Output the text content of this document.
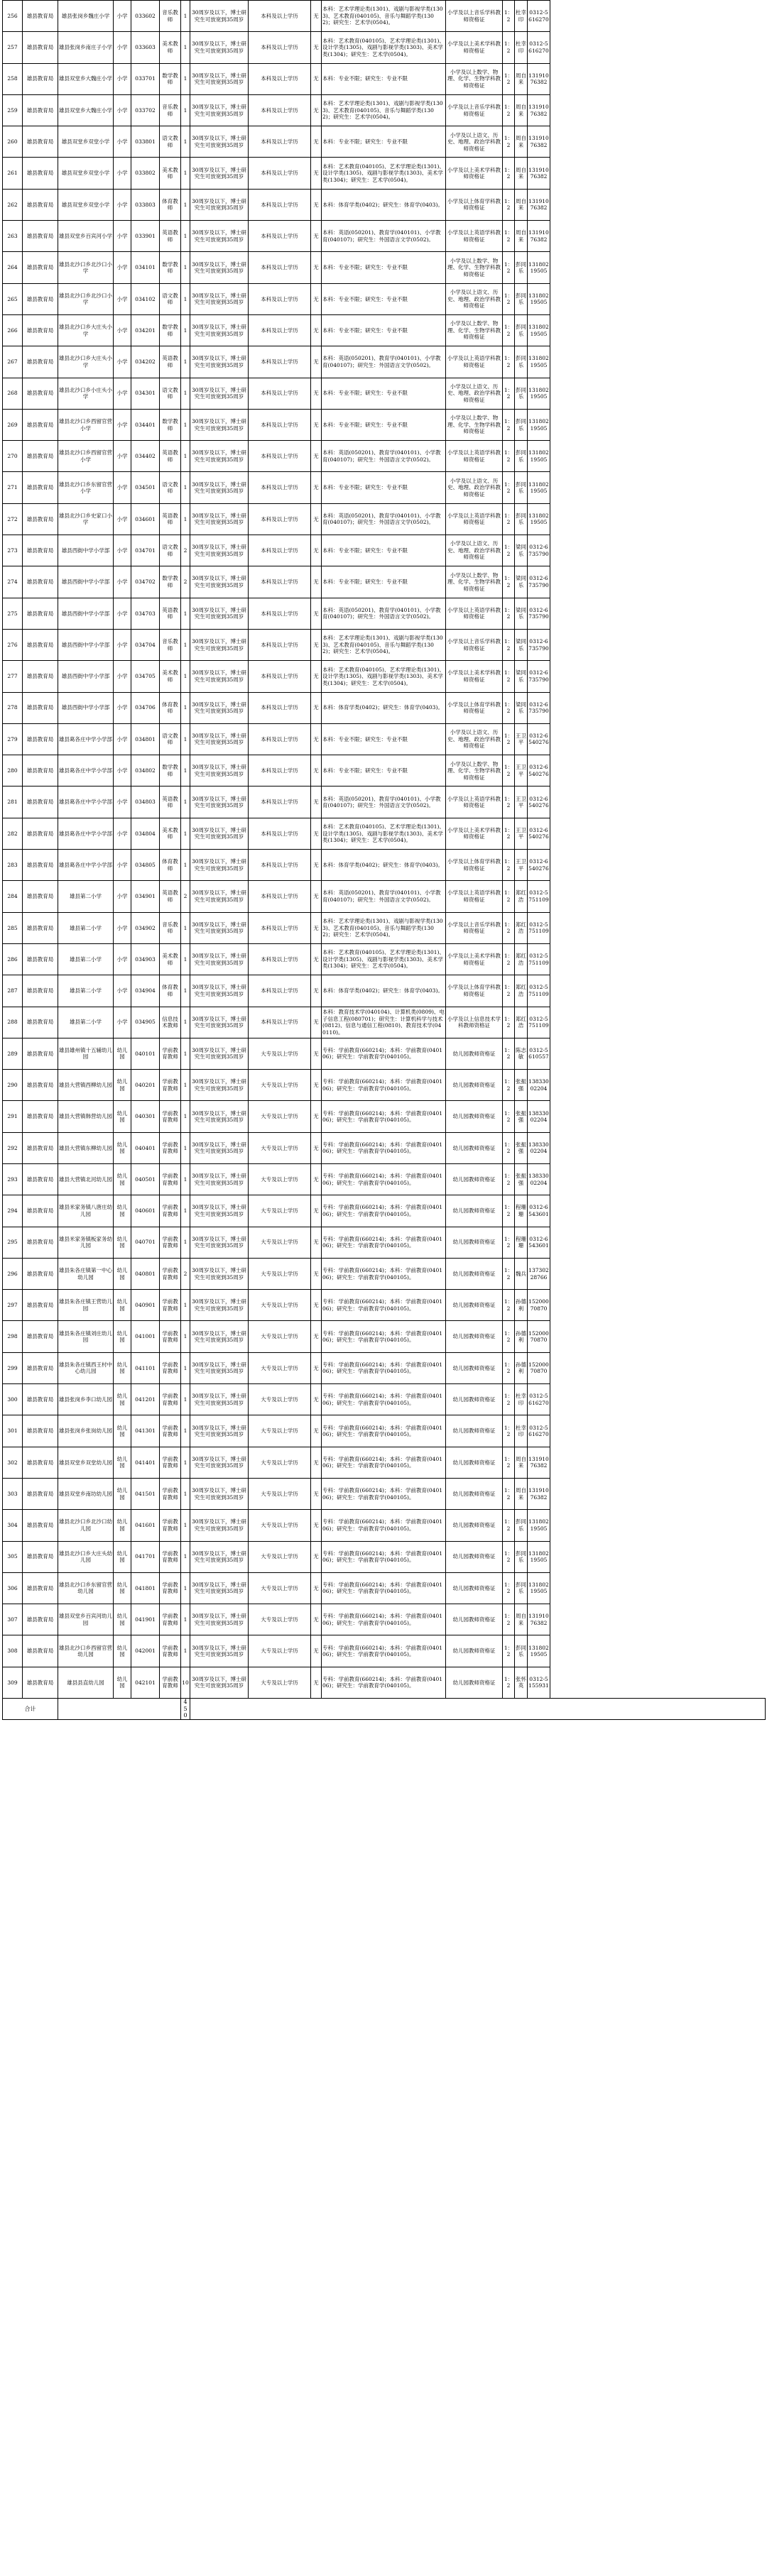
256	雄县教育局	雄县张岗乡魏庄小学	小学	033602	音乐教师	1	30周岁及以下，博士研究生可放宽到35周岁	本科及以上学历	无	本科：艺术学理论类(1301)、戏剧与影视学类(1303)、艺术教育(040105)、音乐与舞蹈学类(1302)；研究生：艺术学(0504)。	小学及以上音乐学科教师资格证	1：2	杜幸印	0312-5616270	
257	雄县教育局	雄县张岗乡南庄子小学	小学	033603	美术教师	1	30周岁及以下，博士研究生可放宽到35周岁	本科及以上学历	无	本科：艺术教育(040105)、艺术学理论类(1301)、设计学类(1305)、戏剧与影视学类(1303)、美术学类(1304)；研究生：艺术学(0504)。	小学及以上美术学科教师资格证	1：2	杜幸印	0312-5616270	
258	雄县教育局	雄县双堂乡大魏庄小学	小学	033701	数学教师	1	30周岁及以下，博士研究生可放宽到35周岁	本科及以上学历	无	本科：专业不限；研究生：专业不限	小学及以上数学、物理、化学、生物学科教师资格证	1：2	周自来	13191076382	
259	雄县教育局	雄县双堂乡大魏庄小学	小学	033702	音乐教师	1	30周岁及以下，博士研究生可放宽到35周岁	本科及以上学历	无	本科：艺术学理论类(1301)、戏剧与影视学类(1303)、艺术教育(040105)、音乐与舞蹈学类(1302)；研究生：艺术学(0504)。	小学及以上音乐学科教师资格证	1：2	周自来	13191076382	
260	雄县教育局	雄县双堂乡双堂小学	小学	033801	语文教师	1	30周岁及以下，博士研究生可放宽到35周岁	本科及以上学历	无	本科：专业不限；研究生：专业不限	小学及以上语文、历史、地理、政治学科教师资格证	1：2	周自来	13191076382	
261	雄县教育局	雄县双堂乡双堂小学	小学	033802	美术教师	1	30周岁及以下，博士研究生可放宽到35周岁	本科及以上学历	无	本科：艺术教育(040105)、艺术学理论类(1301)、设计学类(1305)、戏剧与影视学类(1303)、美术学类(1304)；研究生：艺术学(0504)。	小学及以上美术学科教师资格证	1：2	周自来	13191076382	
262	雄县教育局	雄县双堂乡双堂小学	小学	033803	体育教师	1	30周岁及以下，博士研究生可放宽到35周岁	本科及以上学历	无	本科：体育学类(0402)；研究生：体育学(0403)。	小学及以上体育学科教师资格证	1：2	周自来	13191076382	
263	雄县教育局	雄县双堂乡百宾河小学	小学	033901	英语教师	1	30周岁及以下，博士研究生可放宽到35周岁	本科及以上学历	无	本科：英语(050201)、教育学(040101)、小学教育(040107)；研究生：外国语言文学(0502)。	小学及以上英语学科教师资格证	1：2	周自来	13191076382	
264	雄县教育局	雄县北沙口乡北沙口小学	小学	034101	数学教师	1	30周岁及以下，博士研究生可放宽到35周岁	本科及以上学历	无	本科：专业不限；研究生：专业不限	小学及以上数学、物理、化学、生物学科教师资格证	1：2	彭同乐	13180219505	
265	雄县教育局	雄县北沙口乡北沙口小学	小学	034102	语文教师	1	30周岁及以下，博士研究生可放宽到35周岁	本科及以上学历	无	本科：专业不限；研究生：专业不限	小学及以上语文、历史、地理、政治学科教师资格证	1：2	彭同乐	13180219505	
266	雄县教育局	雄县北沙口乡大庄头小学	小学	034201	数学教师	1	30周岁及以下，博士研究生可放宽到35周岁	本科及以上学历	无	本科：专业不限；研究生：专业不限	小学及以上数学、物理、化学、生物学科教师资格证	1：2	彭同乐	13180219505	
267	雄县教育局	雄县北沙口乡大庄头小学	小学	034202	英语教师	1	30周岁及以下，博士研究生可放宽到35周岁	本科及以上学历	无	本科：英语(050201)、教育学(040101)、小学教育(040107)；研究生：外国语言文学(0502)。	小学及以上英语学科教师资格证	1：2	彭同乐	13180219505	
268	雄县教育局	雄县北沙口乡小庄头小学	小学	034301	语文教师	1	30周岁及以下，博士研究生可放宽到35周岁	本科及以上学历	无	本科：专业不限；研究生：专业不限	小学及以上语文、历史、地理、政治学科教师资格证	1：2	彭同乐	13180219505	
269	雄县教育局	雄县北沙口乡西留官营小学	小学	034401	数学教师	1	30周岁及以下，博士研究生可放宽到35周岁	本科及以上学历	无	本科：专业不限；研究生：专业不限	小学及以上数学、物理、化学、生物学科教师资格证	1：2	彭同乐	13180219505	
270	雄县教育局	雄县北沙口乡西留官营小学	小学	034402	英语教师	1	30周岁及以下，博士研究生可放宽到35周岁	本科及以上学历	无	本科：英语(050201)、教育学(040101)、小学教育(040107)；研究生：外国语言文学(0502)。	小学及以上英语学科教师资格证	1：2	彭同乐	13180219505	
271	雄县教育局	雄县北沙口乡东留官营小学	小学	034501	语文教师	1	30周岁及以下，博士研究生可放宽到35周岁	本科及以上学历	无	本科：专业不限；研究生：专业不限	小学及以上语文、历史、地理、政治学科教师资格证	1：2	彭同乐	13180219505	
272	雄县教育局	雄县北沙口乡史家口小学	小学	034601	英语教师	1	30周岁及以下，博士研究生可放宽到35周岁	本科及以上学历	无	本科：英语(050201)、教育学(040101)、小学教育(040107)；研究生：外国语言文学(0502)。	小学及以上英语学科教师资格证	1：2	彭同乐	13180219505	
273	雄县教育局	雄县西街中学小学部	小学	034701	语文教师	2	30周岁及以下，博士研究生可放宽到35周岁	本科及以上学历	无	本科：专业不限；研究生：专业不限	小学及以上语文、历史、地理、政治学科教师资格证	1：2	梁同乐	0312-6735790	
274	雄县教育局	雄县西街中学小学部	小学	034702	数学教师	2	30周岁及以下，博士研究生可放宽到35周岁	本科及以上学历	无	本科：专业不限；研究生：专业不限	小学及以上数学、物理、化学、生物学科教师资格证	1：2	梁同乐	0312-6735790	
275	雄县教育局	雄县西街中学小学部	小学	034703	英语教师	1	30周岁及以下，博士研究生可放宽到35周岁	本科及以上学历	无	本科：英语(050201)、教育学(040101)、小学教育(040107)；研究生：外国语言文学(0502)。	小学及以上英语学科教师资格证	1：2	梁同乐	0312-6735790	
276	雄县教育局	雄县西街中学小学部	小学	034704	音乐教师	1	30周岁及以下，博士研究生可放宽到35周岁	本科及以上学历	无	本科：艺术学理论类(1301)、戏剧与影视学类(1303)、艺术教育(040105)、音乐与舞蹈学类(1302)；研究生：艺术学(0504)。	小学及以上音乐学科教师资格证	1：2	梁同乐	0312-6735790	
277	雄县教育局	雄县西街中学小学部	小学	034705	美术教师	1	30周岁及以下，博士研究生可放宽到35周岁	本科及以上学历	无	本科：艺术教育(040105)、艺术学理论类(1301)、设计学类(1305)、戏剧与影视学类(1303)、美术学类(1304)；研究生：艺术学(0504)。	小学及以上美术学科教师资格证	1：2	梁同乐	0312-6735790	
278	雄县教育局	雄县西街中学小学部	小学	034706	体育教师	1	30周岁及以下，博士研究生可放宽到35周岁	本科及以上学历	无	本科：体育学类(0402)；研究生：体育学(0403)。	小学及以上体育学科教师资格证	1：2	梁同乐	0312-6735790	
279	雄县教育局	雄县葛各庄中学小学部	小学	034801	语文教师	1	30周岁及以下，博士研究生可放宽到35周岁	本科及以上学历	无	本科：专业不限；研究生：专业不限	小学及以上语文、历史、地理、政治学科教师资格证	1：2	王卫平	0312-6540276	
280	雄县教育局	雄县葛各庄中学小学部	小学	034802	数学教师	1	30周岁及以下，博士研究生可放宽到35周岁	本科及以上学历	无	本科：专业不限；研究生：专业不限	小学及以上数学、物理、化学、生物学科教师资格证	1：2	王卫平	0312-6540276	
281	雄县教育局	雄县葛各庄中学小学部	小学	034803	英语教师	1	30周岁及以下，博士研究生可放宽到35周岁	本科及以上学历	无	本科：英语(050201)、教育学(040101)、小学教育(040107)；研究生：外国语言文学(0502)。	小学及以上英语学科教师资格证	1：2	王卫平	0312-6540276	
282	雄县教育局	雄县葛各庄中学小学部	小学	034804	美术教师	1	30周岁及以下，博士研究生可放宽到35周岁	本科及以上学历	无	本科：艺术教育(040105)、艺术学理论类(1301)、设计学类(1305)、戏剧与影视学类(1303)、美术学类(1304)；研究生：艺术学(0504)。	小学及以上美术学科教师资格证	1：2	王卫平	0312-6540276	
283	雄县教育局	雄县葛各庄中学小学部	小学	034805	体育教师	1	30周岁及以下，博士研究生可放宽到35周岁	本科及以上学历	无	本科：体育学类(0402)；研究生：体育学(0403)。	小学及以上体育学科教师资格证	1：2	王卫平	0312-6540276	
284	雄县教育局	雄县第二小学	小学	034901	英语教师	2	30周岁及以下，博士研究生可放宽到35周岁	本科及以上学历	无	本科：英语(050201)、教育学(040101)、小学教育(040107)；研究生：外国语言文学(0502)。	小学及以上英语学科教师资格证	1：2	郑红浩	0312-5751109	
285	雄县教育局	雄县第二小学	小学	034902	音乐教师	1	30周岁及以下，博士研究生可放宽到35周岁	本科及以上学历	无	本科：艺术学理论类(1301)、戏剧与影视学类(1303)、艺术教育(040105)、音乐与舞蹈学类(1302)；研究生：艺术学(0504)。	小学及以上音乐学科教师资格证	1：2	郑红浩	0312-5751109	
286	雄县教育局	雄县第二小学	小学	034903	美术教师	1	30周岁及以下，博士研究生可放宽到35周岁	本科及以上学历	无	本科：艺术教育(040105)、艺术学理论类(1301)、设计学类(1305)、戏剧与影视学类(1303)、美术学类(1304)；研究生：艺术学(0504)。	小学及以上美术学科教师资格证	1：2	郑红浩	0312-5751109	
287	雄县教育局	雄县第二小学	小学	034904	体育教师	1	30周岁及以下，博士研究生可放宽到35周岁	本科及以上学历	无	本科：体育学类(0402)；研究生：体育学(0403)。	小学及以上体育学科教师资格证	1：2	郑红浩	0312-5751109	
288	雄县教育局	雄县第二小学	小学	034905	信息技术教师	1	30周岁及以下，博士研究生可放宽到35周岁	本科及以上学历	无	本科：教育技术学(040104)、计算机类(0809)、电子信息工程(080701)；研究生：计算机科学与技术(0812)、信息与通信工程(0810)、教育技术学(040110)。	小学及以上信息技术学科教师资格证	1：2	郑红浩	0312-5751109	
289	雄县教育局	雄县雄州镇十五辅幼儿园	幼儿园	040101	学前教育教师	1	30周岁及以下，博士研究生可放宽到35周岁	大专及以上学历	无	专科：学前教育(660214)；本科：学前教育(040106)；研究生：学前教育学(040105)。	幼儿园教师资格证	1：2	陈志敏	0312-5610557	
290	雄县教育局	雄县大营镇西柳幼儿园	幼儿园	040201	学前教育教师	1	30周岁及以下，博士研究生可放宽到35周岁	大专及以上学历	无	专科：学前教育(660214)；本科：学前教育(040106)；研究生：学前教育学(040105)。	幼儿园教师资格证	1：2	张振强	13833002204	
291	雄县教育局	雄县大营镇韩营幼儿园	幼儿园	040301	学前教育教师	1	30周岁及以下，博士研究生可放宽到35周岁	大专及以上学历	无	专科：学前教育(660214)；本科：学前教育(040106)；研究生：学前教育学(040105)。	幼儿园教师资格证	1：2	张振强	13833002204	
292	雄县教育局	雄县大营镇东柳幼儿园	幼儿园	040401	学前教育教师	1	30周岁及以下，博士研究生可放宽到35周岁	大专及以上学历	无	专科：学前教育(660214)；本科：学前教育(040106)；研究生：学前教育学(040105)。	幼儿园教师资格证	1：2	张振强	13833002204	
293	雄县教育局	雄县大营镇北河幼儿园	幼儿园	040501	学前教育教师	1	30周岁及以下，博士研究生可放宽到35周岁	大专及以上学历	无	专科：学前教育(660214)；本科：学前教育(040106)；研究生：学前教育学(040105)。	幼儿园教师资格证	1：2	张振强	13833002204	
294	雄县教育局	雄县米家务镇八唐庄幼儿园	幼儿园	040601	学前教育教师	1	30周岁及以下，博士研究生可放宽到35周岁	大专及以上学历	无	专科：学前教育(660214)；本科：学前教育(040106)；研究生：学前教育学(040105)。	幼儿园教师资格证	1：2	程珊珊	0312-6543601	
295	雄县教育局	雄县米家务镇板家务幼儿园	幼儿园	040701	学前教育教师	1	30周岁及以下，博士研究生可放宽到35周岁	大专及以上学历	无	专科：学前教育(660214)；本科：学前教育(040106)；研究生：学前教育学(040105)。	幼儿园教师资格证	1：2	程珊珊	0312-6543601	
296	雄县教育局	雄县朱各庄镇第一中心幼儿园	幼儿园	040801	学前教育教师	2	30周岁及以下，博士研究生可放宽到35周岁	大专及以上学历	无	专科：学前教育(660214)；本科：学前教育(040106)；研究生：学前教育学(040105)。	幼儿园教师资格证	1：2	魏兵	13730228766	
297	雄县教育局	雄县朱各庄镇王营幼儿园	幼儿园	040901	学前教育教师	1	30周岁及以下，博士研究生可放宽到35周岁	大专及以上学历	无	专科：学前教育(660214)；本科：学前教育(040106)；研究生：学前教育学(040105)。	幼儿园教师资格证	1：2	孙德利	15200070870	
298	雄县教育局	雄县朱各庄镇刘庄幼儿园	幼儿园	041001	学前教育教师	1	30周岁及以下，博士研究生可放宽到35周岁	大专及以上学历	无	专科：学前教育(660214)；本科：学前教育(040106)；研究生：学前教育学(040105)。	幼儿园教师资格证	1：2	孙德利	15200070870	
299	雄县教育局	雄县朱各庄镇西王村中心幼儿园	幼儿园	041101	学前教育教师	1	30周岁及以下，博士研究生可放宽到35周岁	大专及以上学历	无	专科：学前教育(660214)；本科：学前教育(040106)；研究生：学前教育学(040105)。	幼儿园教师资格证	1：2	孙德利	15200070870	
300	雄县教育局	雄县张岗乡李口幼儿园	幼儿园	041201	学前教育教师	1	30周岁及以下，博士研究生可放宽到35周岁	大专及以上学历	无	专科：学前教育(660214)；本科：学前教育(040106)；研究生：学前教育学(040105)。	幼儿园教师资格证	1：2	杜幸印	0312-5616270	
301	雄县教育局	雄县张岗乡张岗幼儿园	幼儿园	041301	学前教育教师	1	30周岁及以下，博士研究生可放宽到35周岁	大专及以上学历	无	专科：学前教育(660214)；本科：学前教育(040106)；研究生：学前教育学(040105)。	幼儿园教师资格证	1：2	杜幸印	0312-5616270	
302	雄县教育局	雄县双堂乡双堂幼儿园	幼儿园	041401	学前教育教师	1	30周岁及以下，博士研究生可放宽到35周岁	大专及以上学历	无	专科：学前教育(660214)；本科：学前教育(040106)；研究生：学前教育学(040105)。	幼儿园教师资格证	1：2	周自来	13191076382	
303	雄县教育局	雄县双堂乡南坊幼儿园	幼儿园	041501	学前教育教师	1	30周岁及以下，博士研究生可放宽到35周岁	大专及以上学历	无	专科：学前教育(660214)；本科：学前教育(040106)；研究生：学前教育学(040105)。	幼儿园教师资格证	1：2	周自来	13191076382	
304	雄县教育局	雄县北沙口乡北沙口幼儿园	幼儿园	041601	学前教育教师	1	30周岁及以下，博士研究生可放宽到35周岁	大专及以上学历	无	专科：学前教育(660214)；本科：学前教育(040106)；研究生：学前教育学(040105)。	幼儿园教师资格证	1：2	彭同乐	13180219505	
305	雄县教育局	雄县北沙口乡大庄头幼儿园	幼儿园	041701	学前教育教师	1	30周岁及以下，博士研究生可放宽到35周岁	大专及以上学历	无	专科：学前教育(660214)；本科：学前教育(040106)；研究生：学前教育学(040105)。	幼儿园教师资格证	1：2	彭同乐	13180219505	
306	雄县教育局	雄县北沙口乡东留官营幼儿园	幼儿园	041801	学前教育教师	1	30周岁及以下，博士研究生可放宽到35周岁	大专及以上学历	无	专科：学前教育(660214)；本科：学前教育(040106)；研究生：学前教育学(040105)。	幼儿园教师资格证	1：2	彭同乐	13180219505	
307	雄县教育局	雄县双堂乡百宾河幼儿园	幼儿园	041901	学前教育教师	1	30周岁及以下，博士研究生可放宽到35周岁	大专及以上学历	无	专科：学前教育(660214)；本科：学前教育(040106)；研究生：学前教育学(040105)。	幼儿园教师资格证	1：2	周自来	13191076382	
308	雄县教育局	雄县北沙口乡西留官营幼儿园	幼儿园	042001	学前教育教师	1	30周岁及以下，博士研究生可放宽到35周岁	大专及以上学历	无	专科：学前教育(660214)；本科：学前教育(040106)；研究生：学前教育学(040105)。	幼儿园教师资格证	1：2	彭同乐	13180219505	
309	雄县教育局	雄县县直幼儿园	幼儿园	042101	学前教育教师	10	30周岁及以下，博士研究生可放宽到35周岁	大专及以上学历	无	专科：学前教育(660214)；本科：学前教育(040106)；研究生：学前教育学(040105)。	幼儿园教师资格证	1：2	张怀英	0312-5155931	
合计						450									
